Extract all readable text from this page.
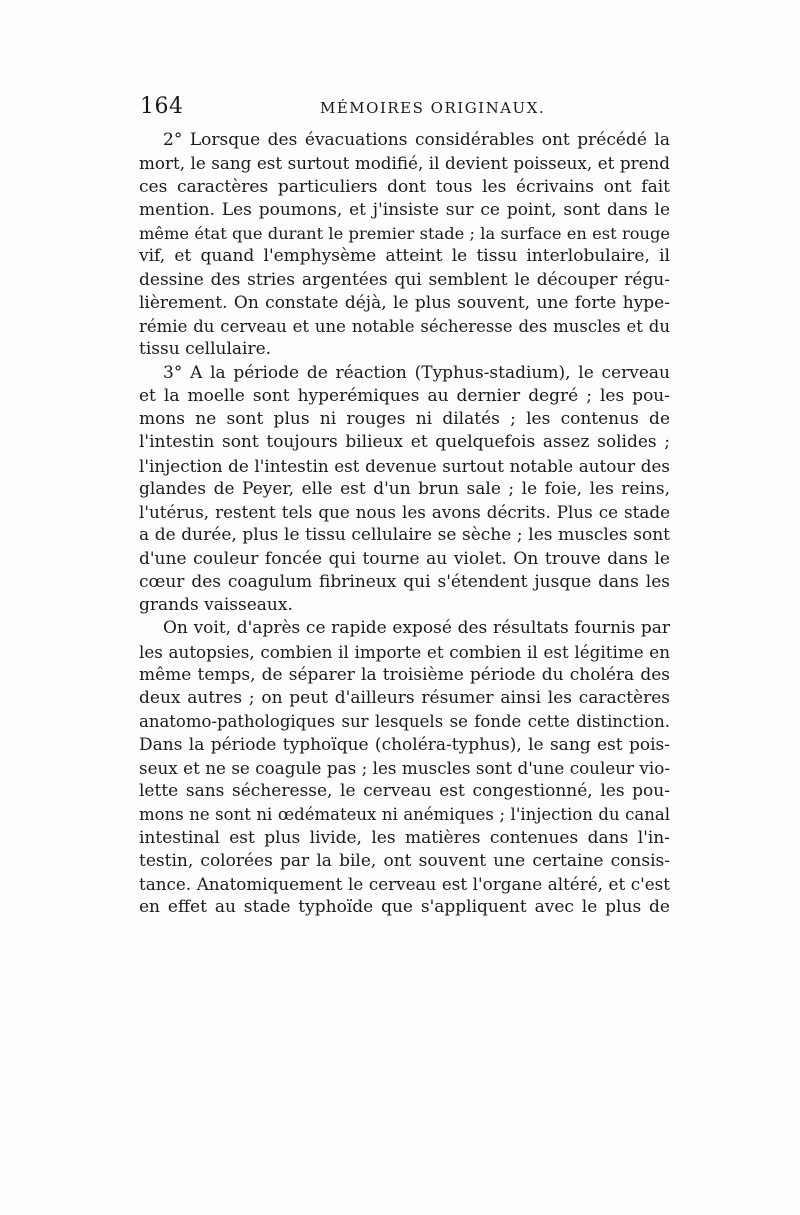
164	MÉMOIRES ORIGINAUX.
2° Lorsque des évacuations considérables ont précédé la
mort, le sang est surtout modifié, il devient poisseux, et prend
ces caractères particuliers dont tous les écrivains ont fait
mention. Les poumons, et j'insiste sur ce point, sont dans le
même état que durant le premier stade ; la surface en est rouge
vif, et quand l'emphysème atteint le tissu interlobulaire, il
dessine des stries argentées qui semblent le découper régu-
lièrement. On constate déjà, le plus souvent, une forte hype-
rémie du cerveau et une notable sécheresse des muscles et du
tissu cellulaire.
3° A la période de réaction (Typhus-stadium), le cerveau
et la moelle sont hyperémiques au dernier degré ; les pou-
mons ne sont plus ni rouges ni dilatés ; les contenus de
l'intestin sont toujours bilieux et quelquefois assez solides ;
l'injection de l'intestin est devenue surtout notable autour des
glandes de Peyer, elle est d'un brun sale ; le foie, les reins,
l'utérus, restent tels que nous les avons décrits. Plus ce stade
a de durée, plus le tissu cellulaire se sèche ; les muscles sont
d'une couleur foncée qui tourne au violet. On trouve dans le
cœur des coagulum fibrineux qui s'étendent jusque dans les
grands vaisseaux.
On voit, d'après ce rapide exposé des résultats fournis par
les autopsies, combien il importe et combien il est légitime en
même temps, de séparer la troisième période du choléra des
deux autres ; on peut d'ailleurs résumer ainsi les caractères
anatomo-pathologiques sur lesquels se fonde cette distinction.
Dans la période typhoïque (choléra-typhus), le sang est pois-
seux et ne se coagule pas ; les muscles sont d'une couleur vio-
lette sans sécheresse, le cerveau est congestionné, les pou-
mons ne sont ni œdémateux ni anémiques ; l'injection du canal
intestinal est plus livide, les matières contenues dans l'in-
testin, colorées par la bile, ont souvent une certaine consis-
tance. Anatomiquement le cerveau est l'organe altéré, et c'est
en effet au stade typhoïde que s'appliquent avec le plus de
